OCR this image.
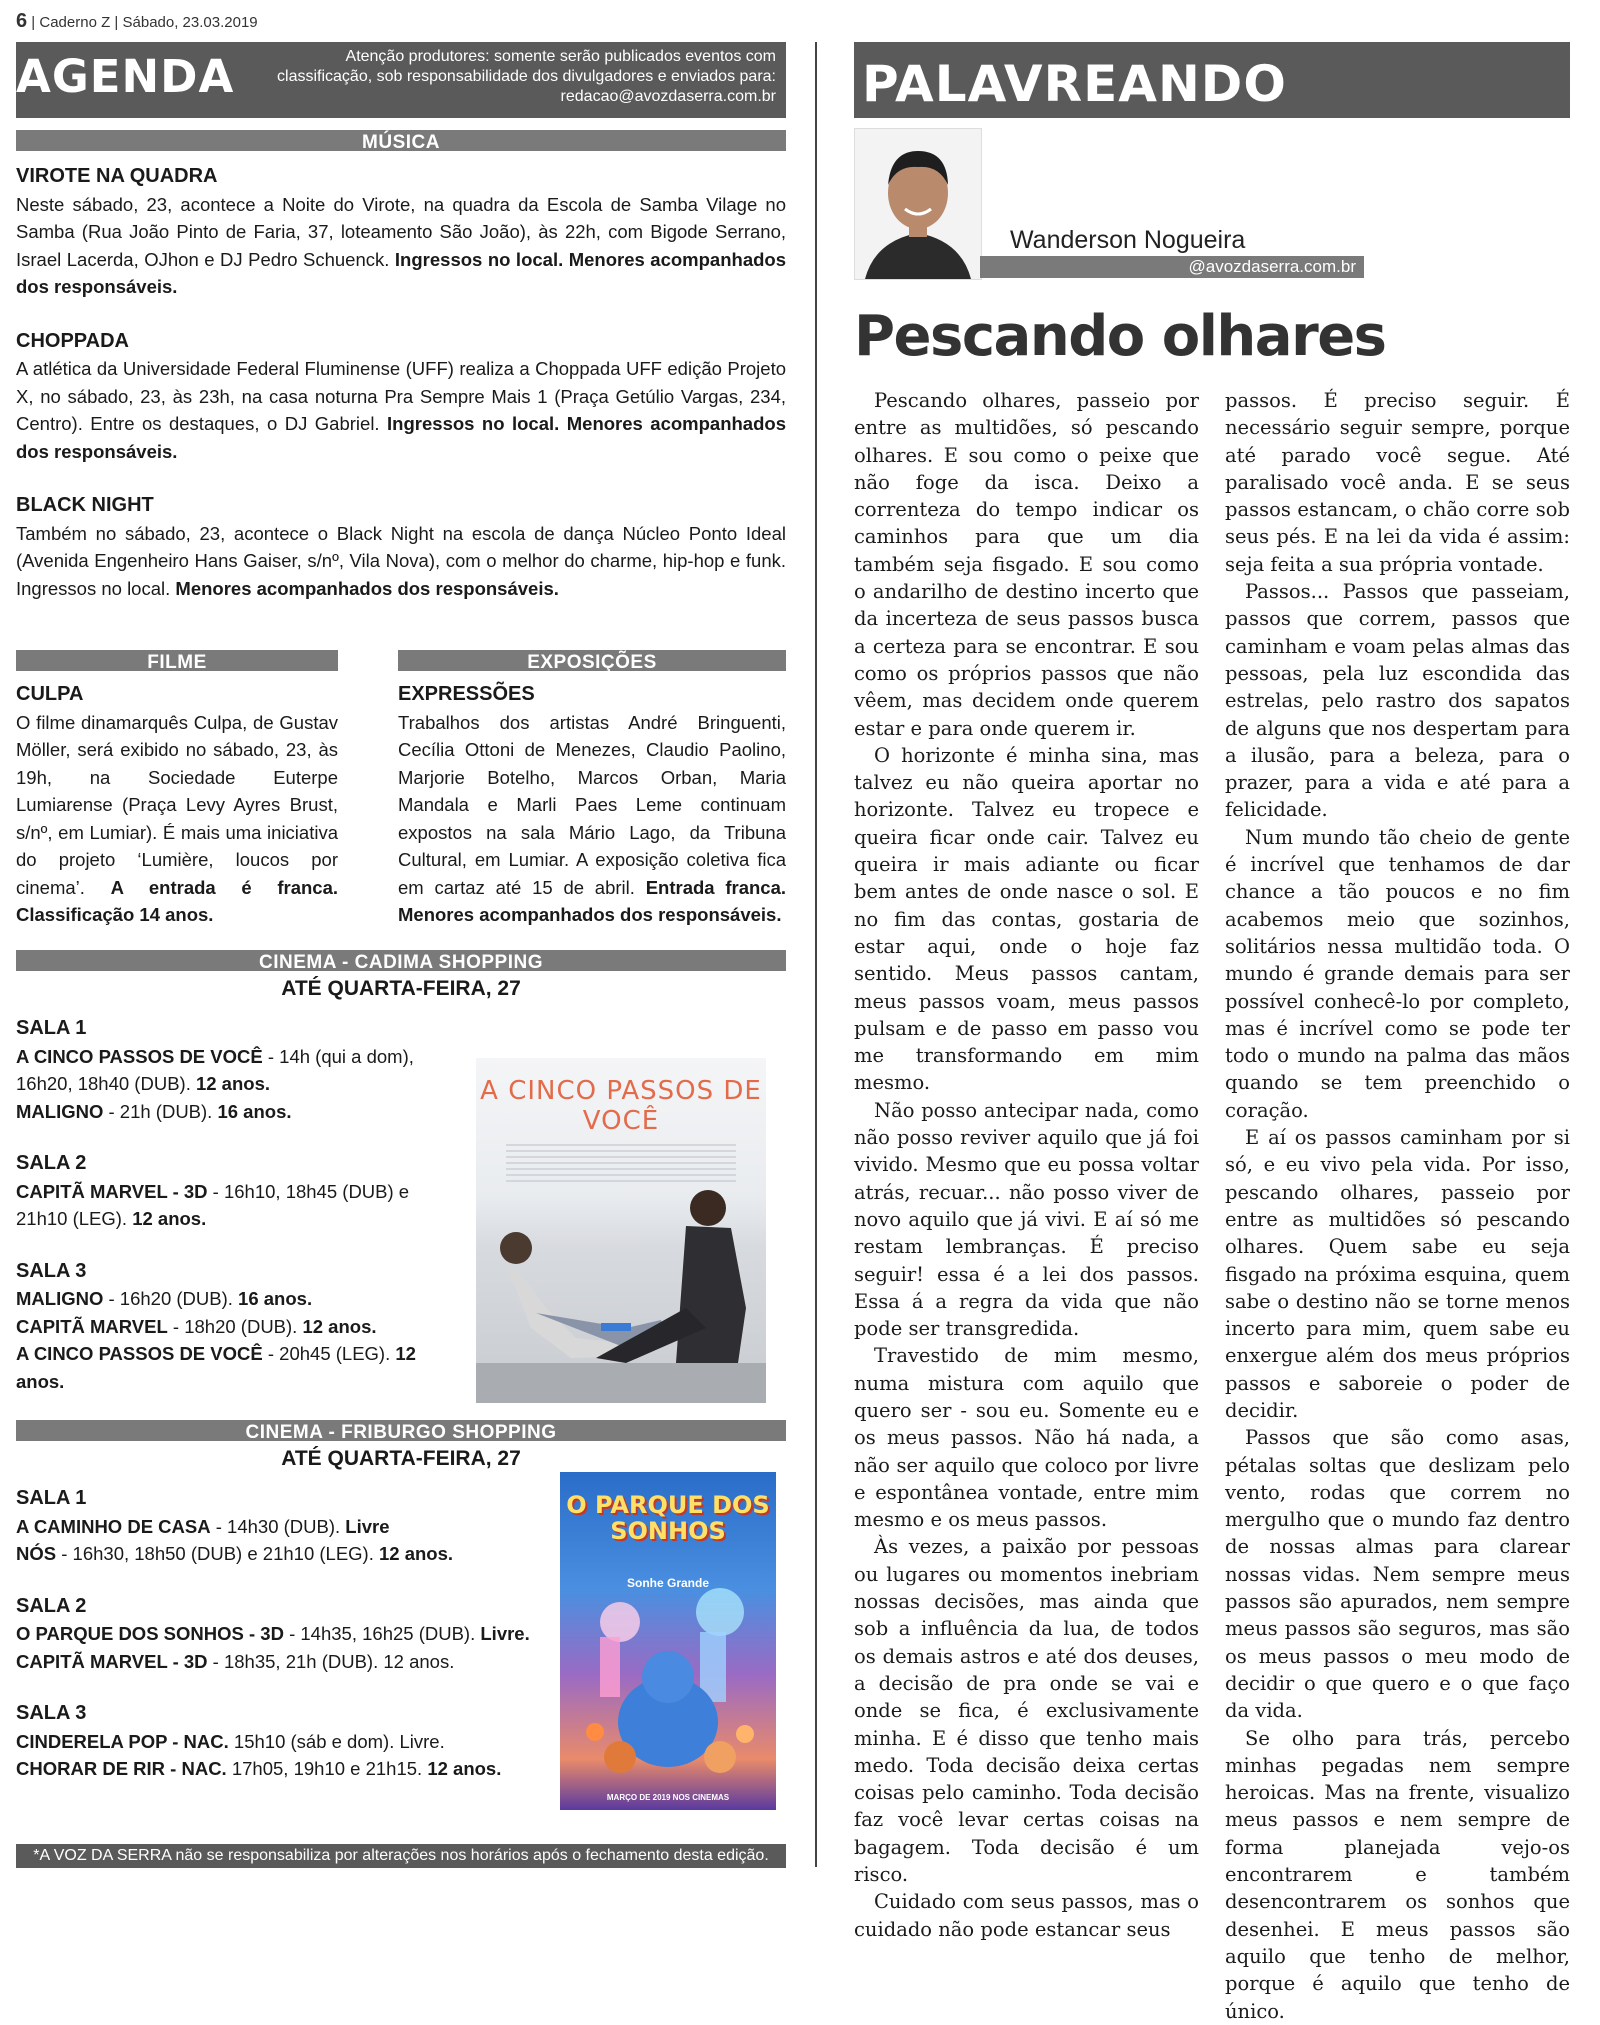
6 | Caderno Z | Sábado, 23.03.2019
AGENDA	Atenção produtores: somente serão publicados eventos com classificação, sob responsabilidade dos divulgadores e enviados para: redacao@avozdaserra.com.br
MÚSICA
VIROTE NA QUADRA

Neste sábado, 23, acontece a Noite do Virote, na quadra da Escola de Samba Vilage no Samba (Rua João Pinto de Faria, 37, loteamento São João), às 22h, com Bigode Serrano, Israel Lacerda, OJhon e DJ Pedro Schuenck. Ingressos no local. Menores acompanhados dos responsáveis.

CHOPPADA

A atlética da Universidade Federal Fluminense (UFF) realiza a Choppada UFF edição Projeto X, no sábado, 23, às 23h, na casa noturna Pra Sempre Mais 1 (Praça Getúlio Vargas, 234, Centro). Entre os destaques, o DJ Gabriel. Ingressos no local. Menores acompanhados dos responsáveis.

BLACK NIGHT

Também no sábado, 23, acontece o Black Night na escola de dança Núcleo Ponto Ideal (Avenida Engenheiro Hans Gaiser, s/nº, Vila Nova), com o melhor do charme, hip-hop e funk. Ingressos no local. Menores acompanhados dos responsáveis.

FILME
CULPA

O filme dinamarquês Culpa, de Gustav Möller, será exibido no sábado, 23, às 19h, na Sociedade Euterpe Lumiarense (Praça Levy Ayres Brust, s/nº, em Lumiar). É mais uma iniciativa do projeto ‘Lumière, loucos por cinema’. A entrada é franca. Classificação 14 anos.

EXPOSIÇÕES
EXPRESSÕES

Trabalhos dos artistas André Bringuenti, Cecília Ottoni de Menezes, Claudio Paolino, Marjorie Botelho, Marcos Orban, Maria Mandala e Marli Paes Leme continuam expostos na sala Mário Lago, da Tribuna Cultural, em Lumiar. A exposição coletiva fica em cartaz até 15 de abril. Entrada franca. Menores acompanhados dos responsáveis.

CINEMA - CADIMA SHOPPING
ATÉ QUARTA-FEIRA, 27
SALA 1
A CINCO PASSOS DE VOCÊ - 14h (qui a dom), 16h20, 18h40 (DUB). 12 anos.
MALIGNO - 21h (DUB). 16 anos.
SALA 2
CAPITÃ MARVEL - 3D - 16h10, 18h45 (DUB) e 21h10 (LEG). 12 anos.
SALA 3
MALIGNO - 16h20 (DUB). 16 anos.
CAPITÃ MARVEL - 18h20 (DUB). 12 anos.
A CINCO PASSOS DE VOCÊ - 20h45 (LEG). 12 anos.
CINEMA - FRIBURGO SHOPPING
ATÉ QUARTA-FEIRA, 27
SALA 1
A CAMINHO DE CASA - 14h30 (DUB). Livre
NÓS - 16h30, 18h50 (DUB) e 21h10 (LEG). 12 anos.
SALA 2
O PARQUE DOS SONHOS - 3D - 14h35, 16h25 (DUB). Livre.
CAPITÃ MARVEL - 3D - 18h35, 21h (DUB). 12 anos.
SALA 3
CINDERELA POP - NAC. 15h10 (sáb e dom). Livre.
CHORAR DE RIR - NAC. 17h05, 19h10 e 21h15. 12 anos.
A CINCO PASSOS DE VOCÊ
O PARQUE DOS SONHOS
Sonhe Grande
MARÇO DE 2019 NOS CINEMAS
*A VOZ DA SERRA não se responsabiliza por alterações nos horários após o fechamento desta edição.
PALAVREANDO
Wanderson Nogueira
@avozdaserra.com.br
Pescando olhares

Pescando olhares, passeio por entre as multidões, só pescando olhares. E sou como o peixe que não foge da isca. Deixo a correnteza do tempo indicar os caminhos para que um dia também seja fisgado. E sou como o andarilho de destino incerto que da incerteza de seus passos busca a certeza para se encontrar. E sou como os próprios passos que não vêem, mas decidem onde querem estar e para onde querem ir.

O horizonte é minha sina, mas talvez eu não queira aportar no horizonte. Talvez eu tropece e queira ficar onde cair. Talvez eu queira ir mais adiante ou ficar bem antes de onde nasce o sol. E no fim das contas, gostaria de estar aqui, onde o hoje faz sentido. Meus passos cantam, meus passos voam, meus passos pulsam e de passo em passo vou me transformando em mim mesmo.

Não posso antecipar nada, como não posso reviver aquilo que já foi vivido. Mesmo que eu possa voltar atrás, recuar... não posso viver de novo aquilo que já vivi. E aí só me restam lembranças. É preciso seguir! essa é a lei dos passos. Essa á a regra da vida que não pode ser transgredida.

Travestido de mim mesmo, numa mistura com aquilo que quero ser - sou eu. Somente eu e os meus passos. Não há nada, a não ser aquilo que coloco por livre e espontânea vontade, entre mim mesmo e os meus passos.

Às vezes, a paixão por pessoas ou lugares ou momentos inebriam nossas decisões, mas ainda que sob a influência da lua, de todos os demais astros e até dos deuses, a decisão de pra onde se vai e onde se fica, é exclusivamente minha. E é disso que tenho mais medo. Toda decisão deixa certas coisas pelo caminho. Toda decisão faz você levar certas coisas na bagagem. Toda decisão é um risco.

Cuidado com seus passos, mas o cuidado não pode estancar seus

passos. É preciso seguir. É necessário seguir sempre, porque até parado você segue. Até paralisado você anda. E se seus passos estancam, o chão corre sob seus pés. E na lei da vida é assim: seja feita a sua própria vontade.

Passos... Passos que passeiam, passos que correm, passos que caminham e voam pelas almas das pessoas, pela luz escondida das estrelas, pelo rastro dos sapatos de alguns que nos despertam para a ilusão, para a beleza, para o prazer, para a vida e até para a felicidade.

Num mundo tão cheio de gente é incrível que tenhamos de dar chance a tão poucos e no fim acabemos meio que sozinhos, solitários nessa multidão toda. O mundo é grande demais para ser possível conhecê-lo por completo, mas é incrível como se pode ter todo o mundo na palma das mãos quando se tem preenchido o coração.

E aí os passos caminham por si só, e eu vivo pela vida. Por isso, pescando olhares, passeio por entre as multidões só pescando olhares. Quem sabe eu seja fisgado na próxima esquina, quem sabe o destino não se torne menos incerto para mim, quem sabe eu enxergue além dos meus próprios passos e saboreie o poder de decidir.

Passos que são como asas, pétalas soltas que deslizam pelo vento, rodas que correm no mergulho que o mundo faz dentro de nossas almas para clarear nossas vidas. Nem sempre meus passos são apurados, nem sempre meus passos são seguros, mas são os meus passos o meu modo de decidir o que quero e o que faço da vida.

Se olho para trás, percebo minhas pegadas nem sempre heroicas. Mas na frente, visualizo meus passos e nem sempre de forma planejada vejo-os encontrarem e também desencontrarem os sonhos que desenhei. E meus passos são aquilo que tenho de melhor, porque é aquilo que tenho de único.
